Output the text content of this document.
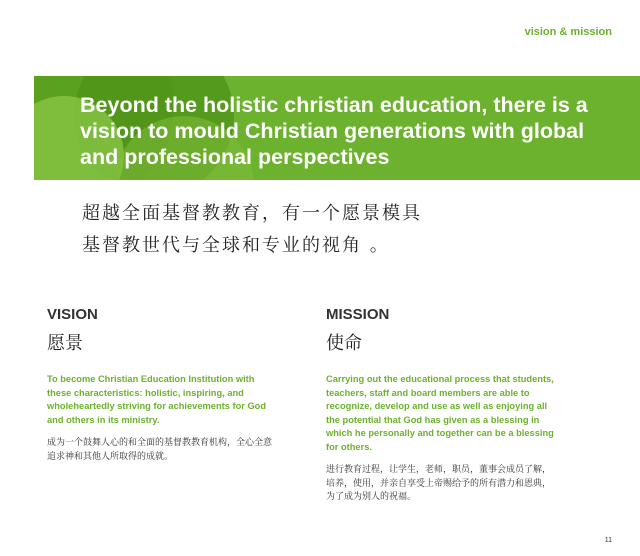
vision & mission
Beyond the holistic christian education, there is a vision to mould Christian generations with global and professional perspectives

超越全面基督教教育，有一个愿景模具
基督教世代与全球和专业的视角 。

VISION

愿景

To become Christian Education Institution with these characteristics: holistic, inspiring, and wholeheartedly striving for achievements for God and others in its ministry.

成为一个鼓舞人心的和全面的基督教教育机构，全心全意追求神和其他人所取得的成就。

MISSION

使命

Carrying out the educational process that students, teachers, staff and board members are able to recognize, develop and use as well as enjoying all the potential that God has given as a blessing in which he personally and together can be a blessing for others.

进行教育过程，让学生，老师，职员，董事会成员了解，培养，使用，并亲自享受上帝赐给予的所有潜力和恩典，为了成为别人的祝福。

11
